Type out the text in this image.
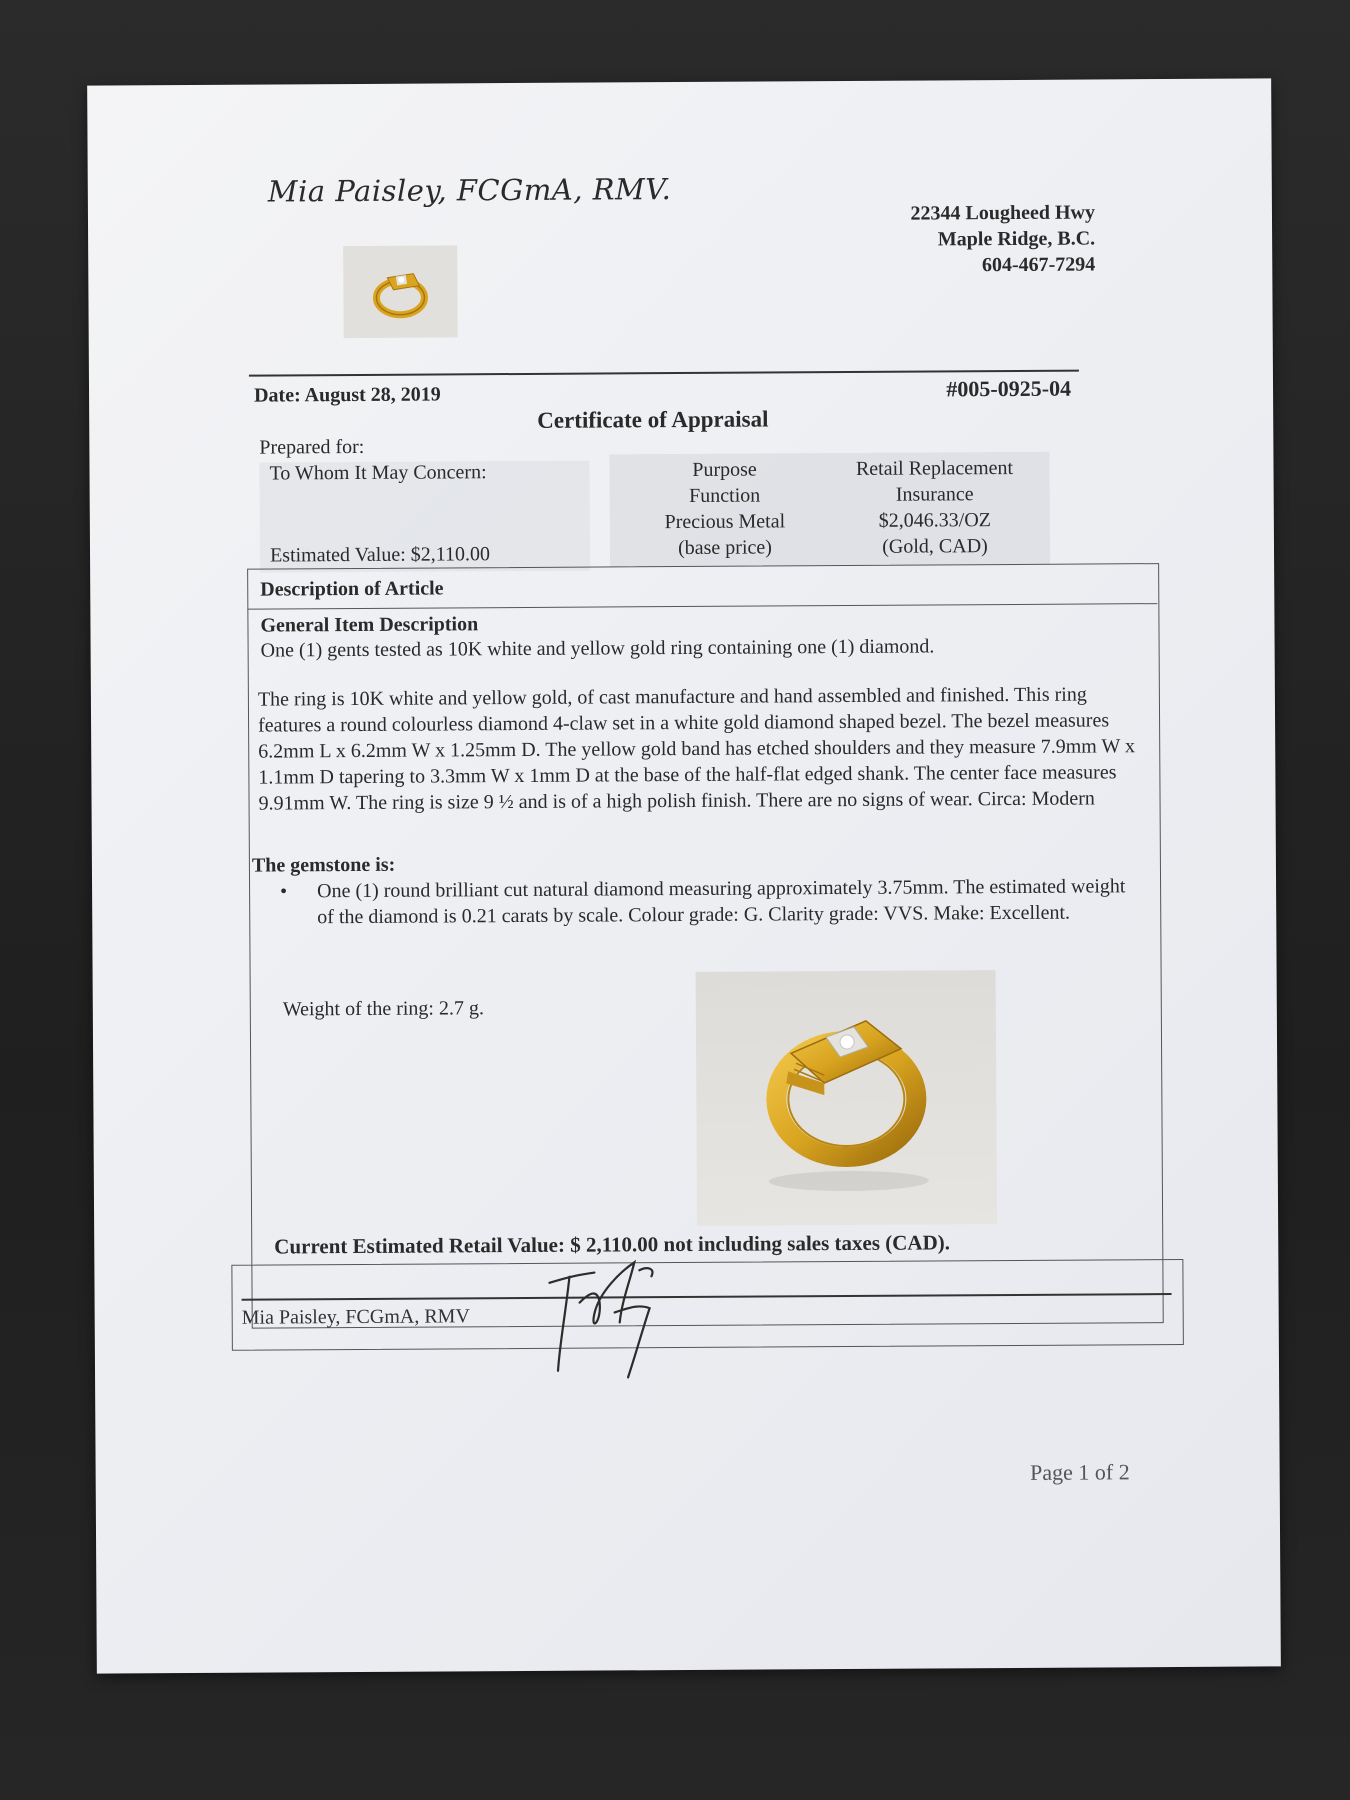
Mia Paisley, FCGmA, RMV.
22344 Lougheed Hwy
Maple Ridge, B.C.
604-467-7294
Date: August 28, 2019	#005-0925-04
Certificate of Appraisal
Prepared for:
To Whom It May Concern:
Estimated Value: $2,110.00
Purpose
Function
Precious Metal
(base price)
Retail Replacement
Insurance
$2,046.33/OZ
(Gold, CAD)
Description of Article
General Item Description
One (1) gents tested as 10K white and yellow gold ring containing one (1) diamond.
The ring is 10K white and yellow gold, of cast manufacture and hand assembled and finished. This ring features a round colourless diamond 4-claw set in a white gold diamond shaped bezel. The bezel measures 6.2mm L x 6.2mm W x 1.25mm D. The yellow gold band has etched shoulders and they measure 7.9mm W x 1.1mm D tapering to 3.3mm W x 1mm D at the base of the half-flat edged shank. The center face measures 9.91mm W. The ring is size 9 ½ and is of a high polish finish. There are no signs of wear. Circa: Modern
The gemstone is:
• One (1) round brilliant cut natural diamond measuring approximately 3.75mm. The estimated weight of the diamond is 0.21 carats by scale. Colour grade: G. Clarity grade: VVS. Make: Excellent.
Weight of the ring: 2.7 g.
Current Estimated Retail Value: $ 2,110.00 not including sales taxes (CAD).
Mia Paisley, FCGmA, RMV
Page 1 of 2
